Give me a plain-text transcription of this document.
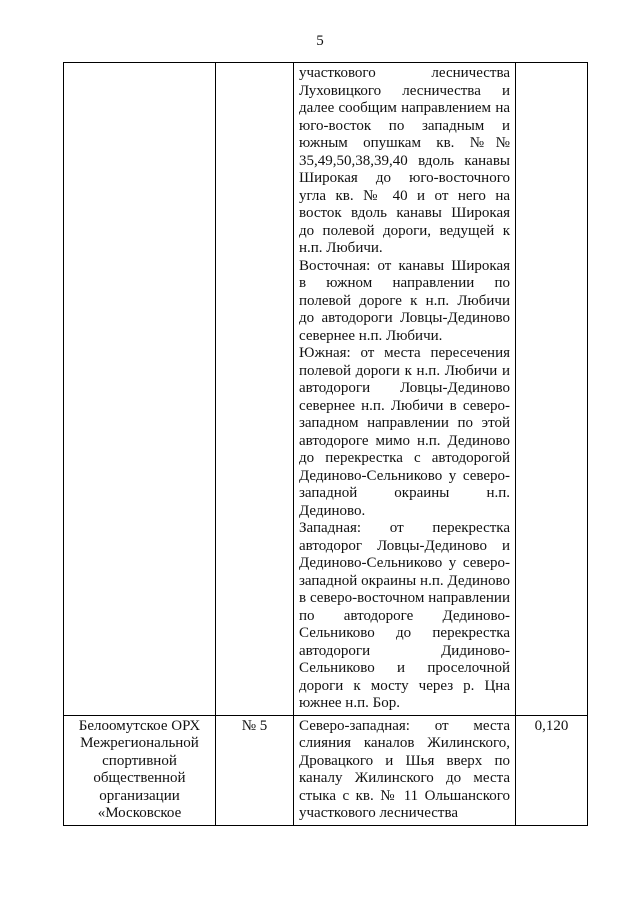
5

		участкового лесничества Луховицкого лесничества и далее сообщим направлением на юго-восток по западным и южным опушкам кв. №№ 35,49,50,38,39,40 вдоль канавы Широкая до юго-восточного угла кв. № 40 и от него на восток вдоль канавы Широкая до полевой дороги, ведущей к н.п. Любичи.

Восточная: от канавы Широкая в южном направлении по полевой дороге к н.п. Любичи до автодороги Ловцы-Дединово севернее н.п. Любичи.

Южная: от места пересечения полевой дороги к н.п. Любичи и автодороги Ловцы-Дединово севернее н.п. Любичи в северо-западном направлении по этой автодороге мимо н.п. Дединово до перекрестка с автодорогой Дединово-Сельниково у северо-западной окраины н.п. Дединово.

Западная: от перекрестка автодорог Ловцы-Дединово и Дединово-Сельниково у северо-западной окраины н.п. Дединово в северо-восточном направлении по автодороге Дединово-Сельниково до перекрестка автодороги Дидиново-Сельниково и проселочной дороги к мосту через р. Цна южнее н.п. Бор.	

Белоомутское ОРХ Межрегиональной спортивной общественной организации «Московское	№ 5	Северо-западная: от места слияния каналов Жилинского, Дровацкого и Шья вверх по каналу Жилинского до места стыка с кв. № 11 Ольшанского участкового лесничества	0,120
